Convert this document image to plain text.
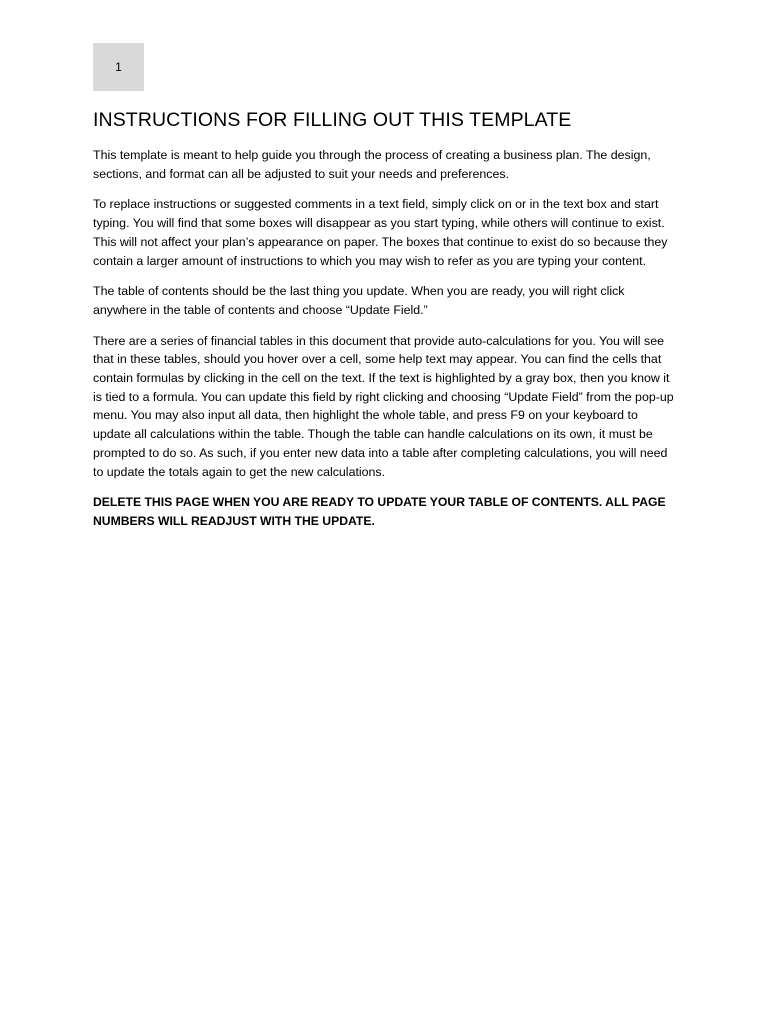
1
INSTRUCTIONS FOR FILLING OUT THIS TEMPLATE

This template is meant to help guide you through the process of creating a business plan. The design, sections, and format can all be adjusted to suit your needs and preferences.

To replace instructions or suggested comments in a text field, simply click on or in the text box and start typing. You will find that some boxes will disappear as you start typing, while others will continue to exist. This will not affect your plan’s appearance on paper. The boxes that continue to exist do so because they contain a larger amount of instructions to which you may wish to refer as you are typing your content.

The table of contents should be the last thing you update. When you are ready, you will right click anywhere in the table of contents and choose “Update Field.”

There are a series of financial tables in this document that provide auto-calculations for you. You will see that in these tables, should you hover over a cell, some help text may appear. You can find the cells that contain formulas by clicking in the cell on the text. If the text is highlighted by a gray box, then you know it is tied to a formula. You can update this field by right clicking and choosing “Update Field” from the pop-up menu. You may also input all data, then highlight the whole table, and press F9 on your keyboard to update all calculations within the table. Though the table can handle calculations on its own, it must be prompted to do so. As such, if you enter new data into a table after completing calculations, you will need to update the totals again to get the new calculations.

DELETE THIS PAGE WHEN YOU ARE READY TO UPDATE YOUR TABLE OF CONTENTS. ALL PAGE NUMBERS WILL READJUST WITH THE UPDATE.
